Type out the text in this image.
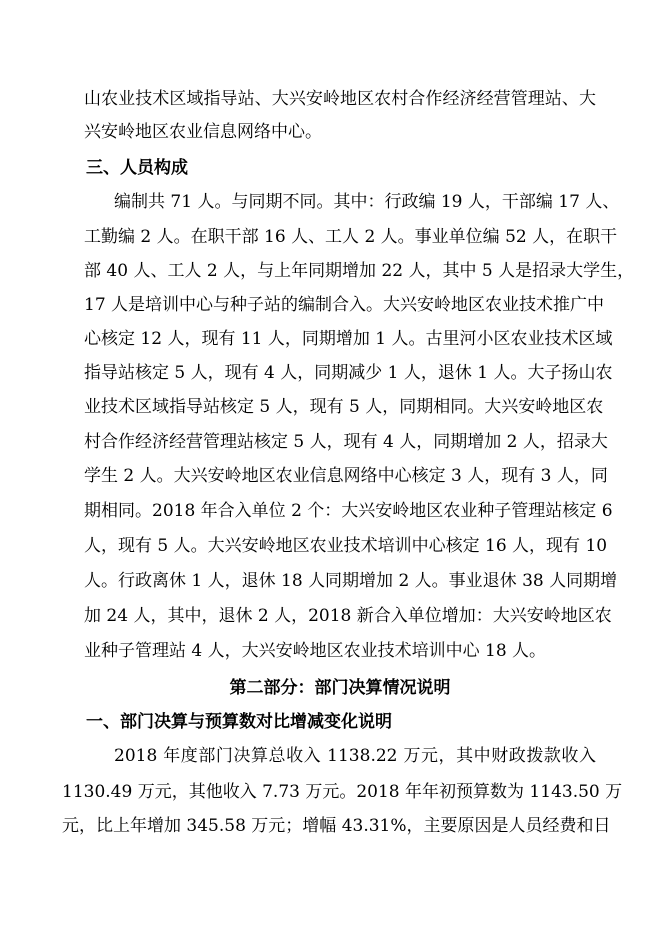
山农业技术区域指导站、大兴安岭地区农村合作经济经营管理站、大

兴安岭地区农业信息网络中心。

三、人员构成

编制共 71 人。与同期不同。其中：行政编 19 人，干部编 17 人、

工勤编 2 人。在职干部 16 人、工人 2 人。事业单位编 52 人，在职干

部 40 人、工人 2 人，与上年同期增加 22 人，其中 5 人是招录大学生，

17 人是培训中心与种子站的编制合入。大兴安岭地区农业技术推广中

心核定 12 人，现有 11 人，同期增加 1 人。古里河小区农业技术区域

指导站核定 5 人，现有 4 人，同期减少 1 人，退休 1 人。大子扬山农

业技术区域指导站核定 5 人，现有 5 人，同期相同。大兴安岭地区农

村合作经济经营管理站核定 5 人，现有 4 人，同期增加 2 人，招录大

学生 2 人。大兴安岭地区农业信息网络中心核定 3 人，现有 3 人，同

期相同。2018 年合入单位 2 个：大兴安岭地区农业种子管理站核定 6

人，现有 5 人。大兴安岭地区农业技术培训中心核定 16 人，现有 10

人。行政离休 1 人，退休 18 人同期增加 2 人。事业退休 38 人同期增

加 24 人，其中，退休 2 人，2018 新合入单位增加：大兴安岭地区农

业种子管理站 4 人，大兴安岭地区农业技术培训中心 18 人。

第二部分：部门决算情况说明

一、部门决算与预算数对比增减变化说明

2018 年度部门决算总收入 1138.22 万元，其中财政拨款收入

1130.49 万元，其他收入 7.73 万元。2018 年年初预算数为 1143.50 万

元，比上年增加 345.58 万元；增幅 43.31%，主要原因是人员经费和日
